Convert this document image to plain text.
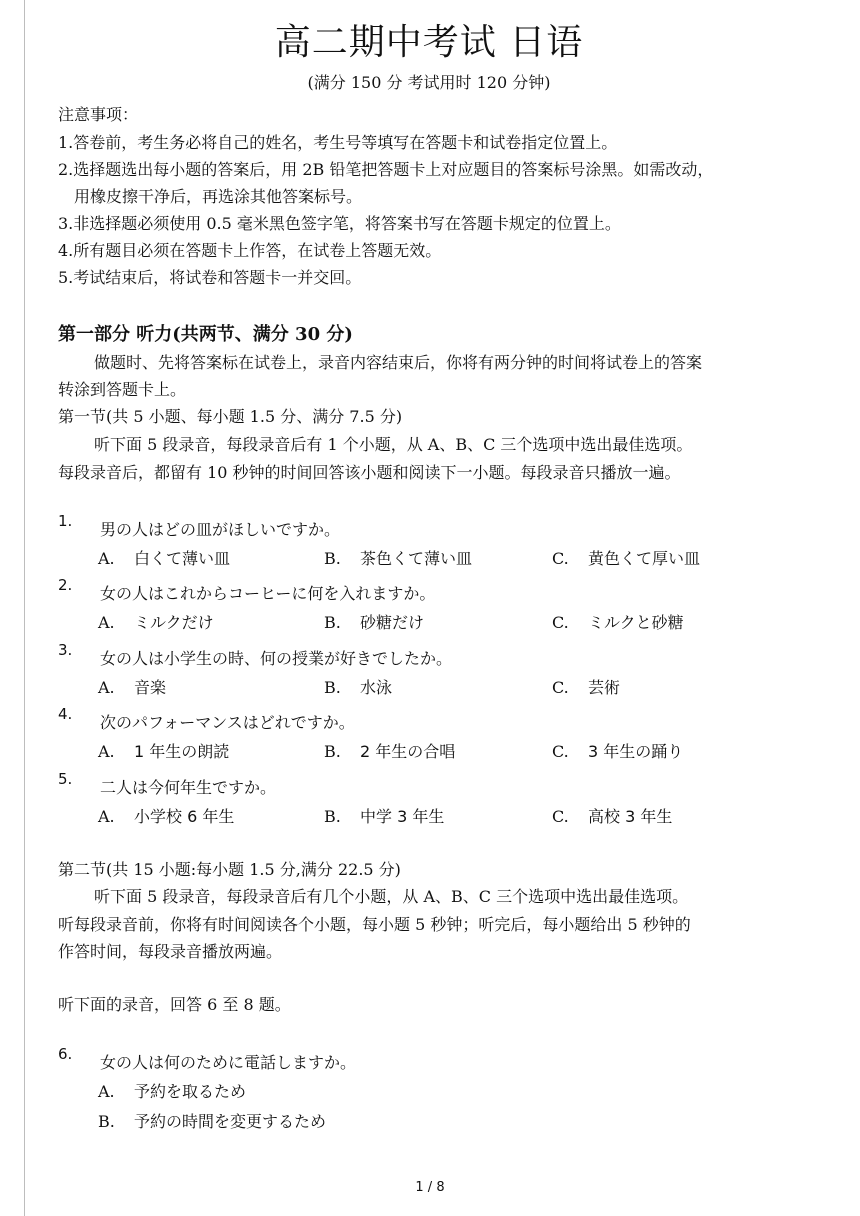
高二期中考试 日语
(满分 150 分 考试用时 120 分钟)
注意事项：
1.答卷前，考生务必将自己的姓名，考生号等填写在答题卡和试卷指定位置上。
2.选择题选出每小题的答案后，用 2B 铅笔把答题卡上对应题目的答案标号涂黑。如需改动，
用橡皮擦干净后，再选涂其他答案标号。
3.非选择题必须使用 0.5 毫米黑色签字笔，将答案书写在答题卡规定的位置上。
4.所有题目必须在答题卡上作答，在试卷上答题无效。
5.考试结束后，将试卷和答题卡一并交回。
第一部分 听力(共两节、满分 30 分)
做题时、先将答案标在试卷上，录音内容结束后，你将有两分钟的时间将试卷上的答案
转涂到答题卡上。
第一节(共 5 小题、每小题 1.5 分、满分 7.5 分)
听下面 5 段录音，每段录音后有 1 个小题，从 A、B、C 三个选项中选出最佳选项。
每段录音后，都留有 10 秒钟的时间回答该小题和阅读下一小题。每段录音只播放一遍。
1. 男の人はどの皿がほしいですか。
A. 白くて薄い皿	B. 茶色くて薄い皿	C. 黄色くて厚い皿
2. 女の人はこれからコーヒーに何を入れますか。
A. ミルクだけ	B. 砂糖だけ	C. ミルクと砂糖
3. 女の人は小学生の時、何の授業が好きでしたか。
A. 音楽	B. 水泳	C. 芸術
4. 次のパフォーマンスはどれですか。
A. 1 年生の朗読	B. 2 年生の合唱	C. 3 年生の踊り
5. 二人は今何年生ですか。
A. 小学校 6 年生	B. 中学 3 年生	C. 高校 3 年生
第二节(共 15 小题:每小题 1.5 分,满分 22.5 分)
听下面 5 段录音，每段录音后有几个小题，从 A、B、C 三个选项中选出最佳选项。
听每段录音前，你将有时间阅读各个小题，每小题 5 秒钟；听完后，每小题给出 5 秒钟的
作答时间，每段录音播放两遍。
听下面的录音，回答 6 至 8 题。
6. 女の人は何のために電話しますか。
A. 予約を取るため
B. 予約の時間を変更するため
1 / 8
